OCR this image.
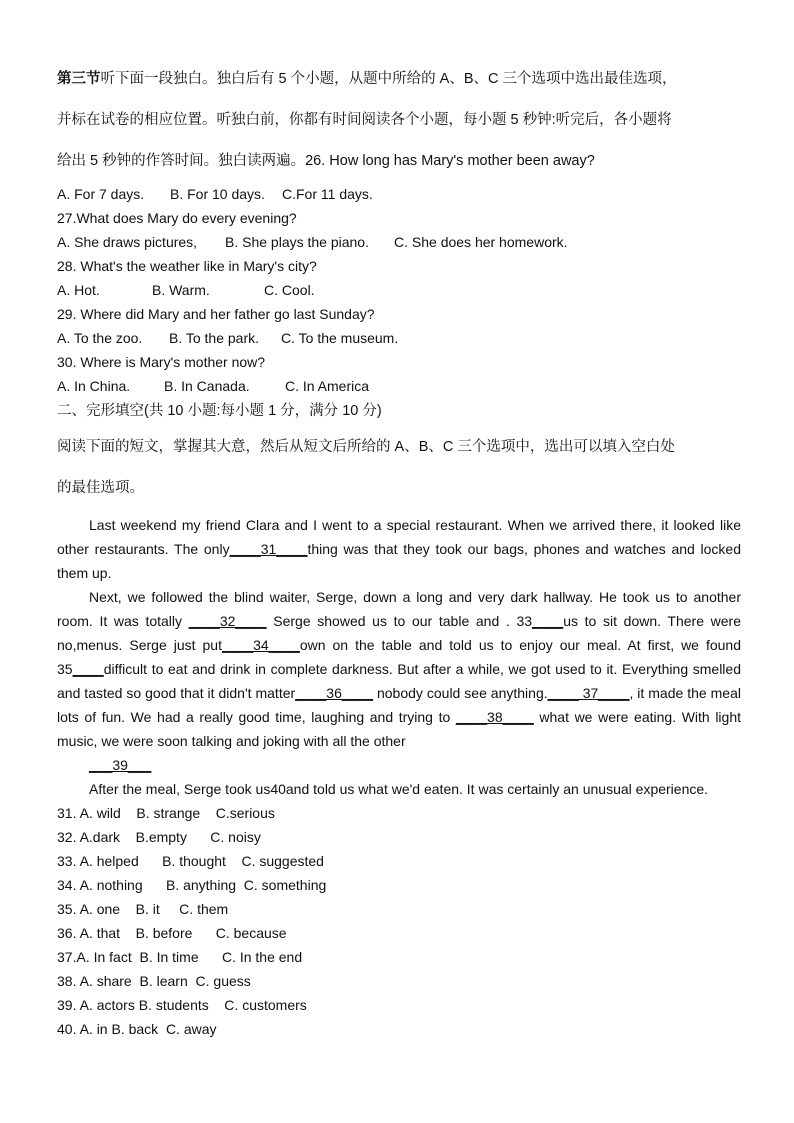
第三节听下面一段独白。独白后有 5 个小题，从题中所给的 A、B、C 三个选项中选出最佳选项，

并标在试卷的相应位置。听独白前，你都有时间阅读各个小题，每小题 5 秒钟:听完后，各小题将

给出 5 秒钟的作答时间。独白读两遍。26. How long has Mary's mother been away?

A. For 7 days. B. For 10 days. C.For 11 days.

27.What does Mary do every evening?

A. She draws pictures, B. She plays the piano. C. She does her homework.

28. What's the weather like in Mary's city?

A. Hot.	B. Warm.	C. Cool.

29. Where did Mary and her father go last Sunday?

A. To the zoo. B. To the park. C. To the museum.

30. Where is Mary's mother now?

A. In China. B. In Canada.	C. In America

二、完形填空(共 10 小题:每小题 1 分，满分 10 分)

阅读下面的短文，掌握其大意，然后从短文后所给的 A、B、C 三个选项中，选出可以填入空白处

的最佳选项。

Last weekend my friend Clara and I went to a special restaurant. When we arrived there, it looked like other restaurants. The only____31____thing was that they took our bags, phones and watches and locked them up.

Next, we followed the blind waiter, Serge, down a long and very dark hallway. He took us to another room. It was totally ____32____ Serge showed us to our table and . 33____us to sit down. There were no,menus. Serge just put____34____own on the table and told us to enjoy our meal. At first, we found 35____difficult to eat and drink in complete darkness. But after a while, we got used to it. Everything smelled and tasted so good that it didn't matter____36____ nobody could see anything.____ 37____, it made the meal lots of fun. We had a really good time, laughing and trying to ____38____ what we were eating. With light music, we were soon talking and joking with all the other

___39___

After the meal, Serge took us40and told us what we'd eaten. It was certainly an unusual experience.

31. A. wild    B. strange    C.serious

32. A.dark    B.empty      C. noisy

33. A. helped      B. thought    C. suggested

34. A. nothing      B. anything  C. something

35. A. one    B. it     C. them

36. A. that    B. before      C. because

37.A. In fact  B. In time      C. In the end

38. A. share  B. learn  C. guess

39. A. actors B. students    C. customers

40. A. in B. back  C. away
